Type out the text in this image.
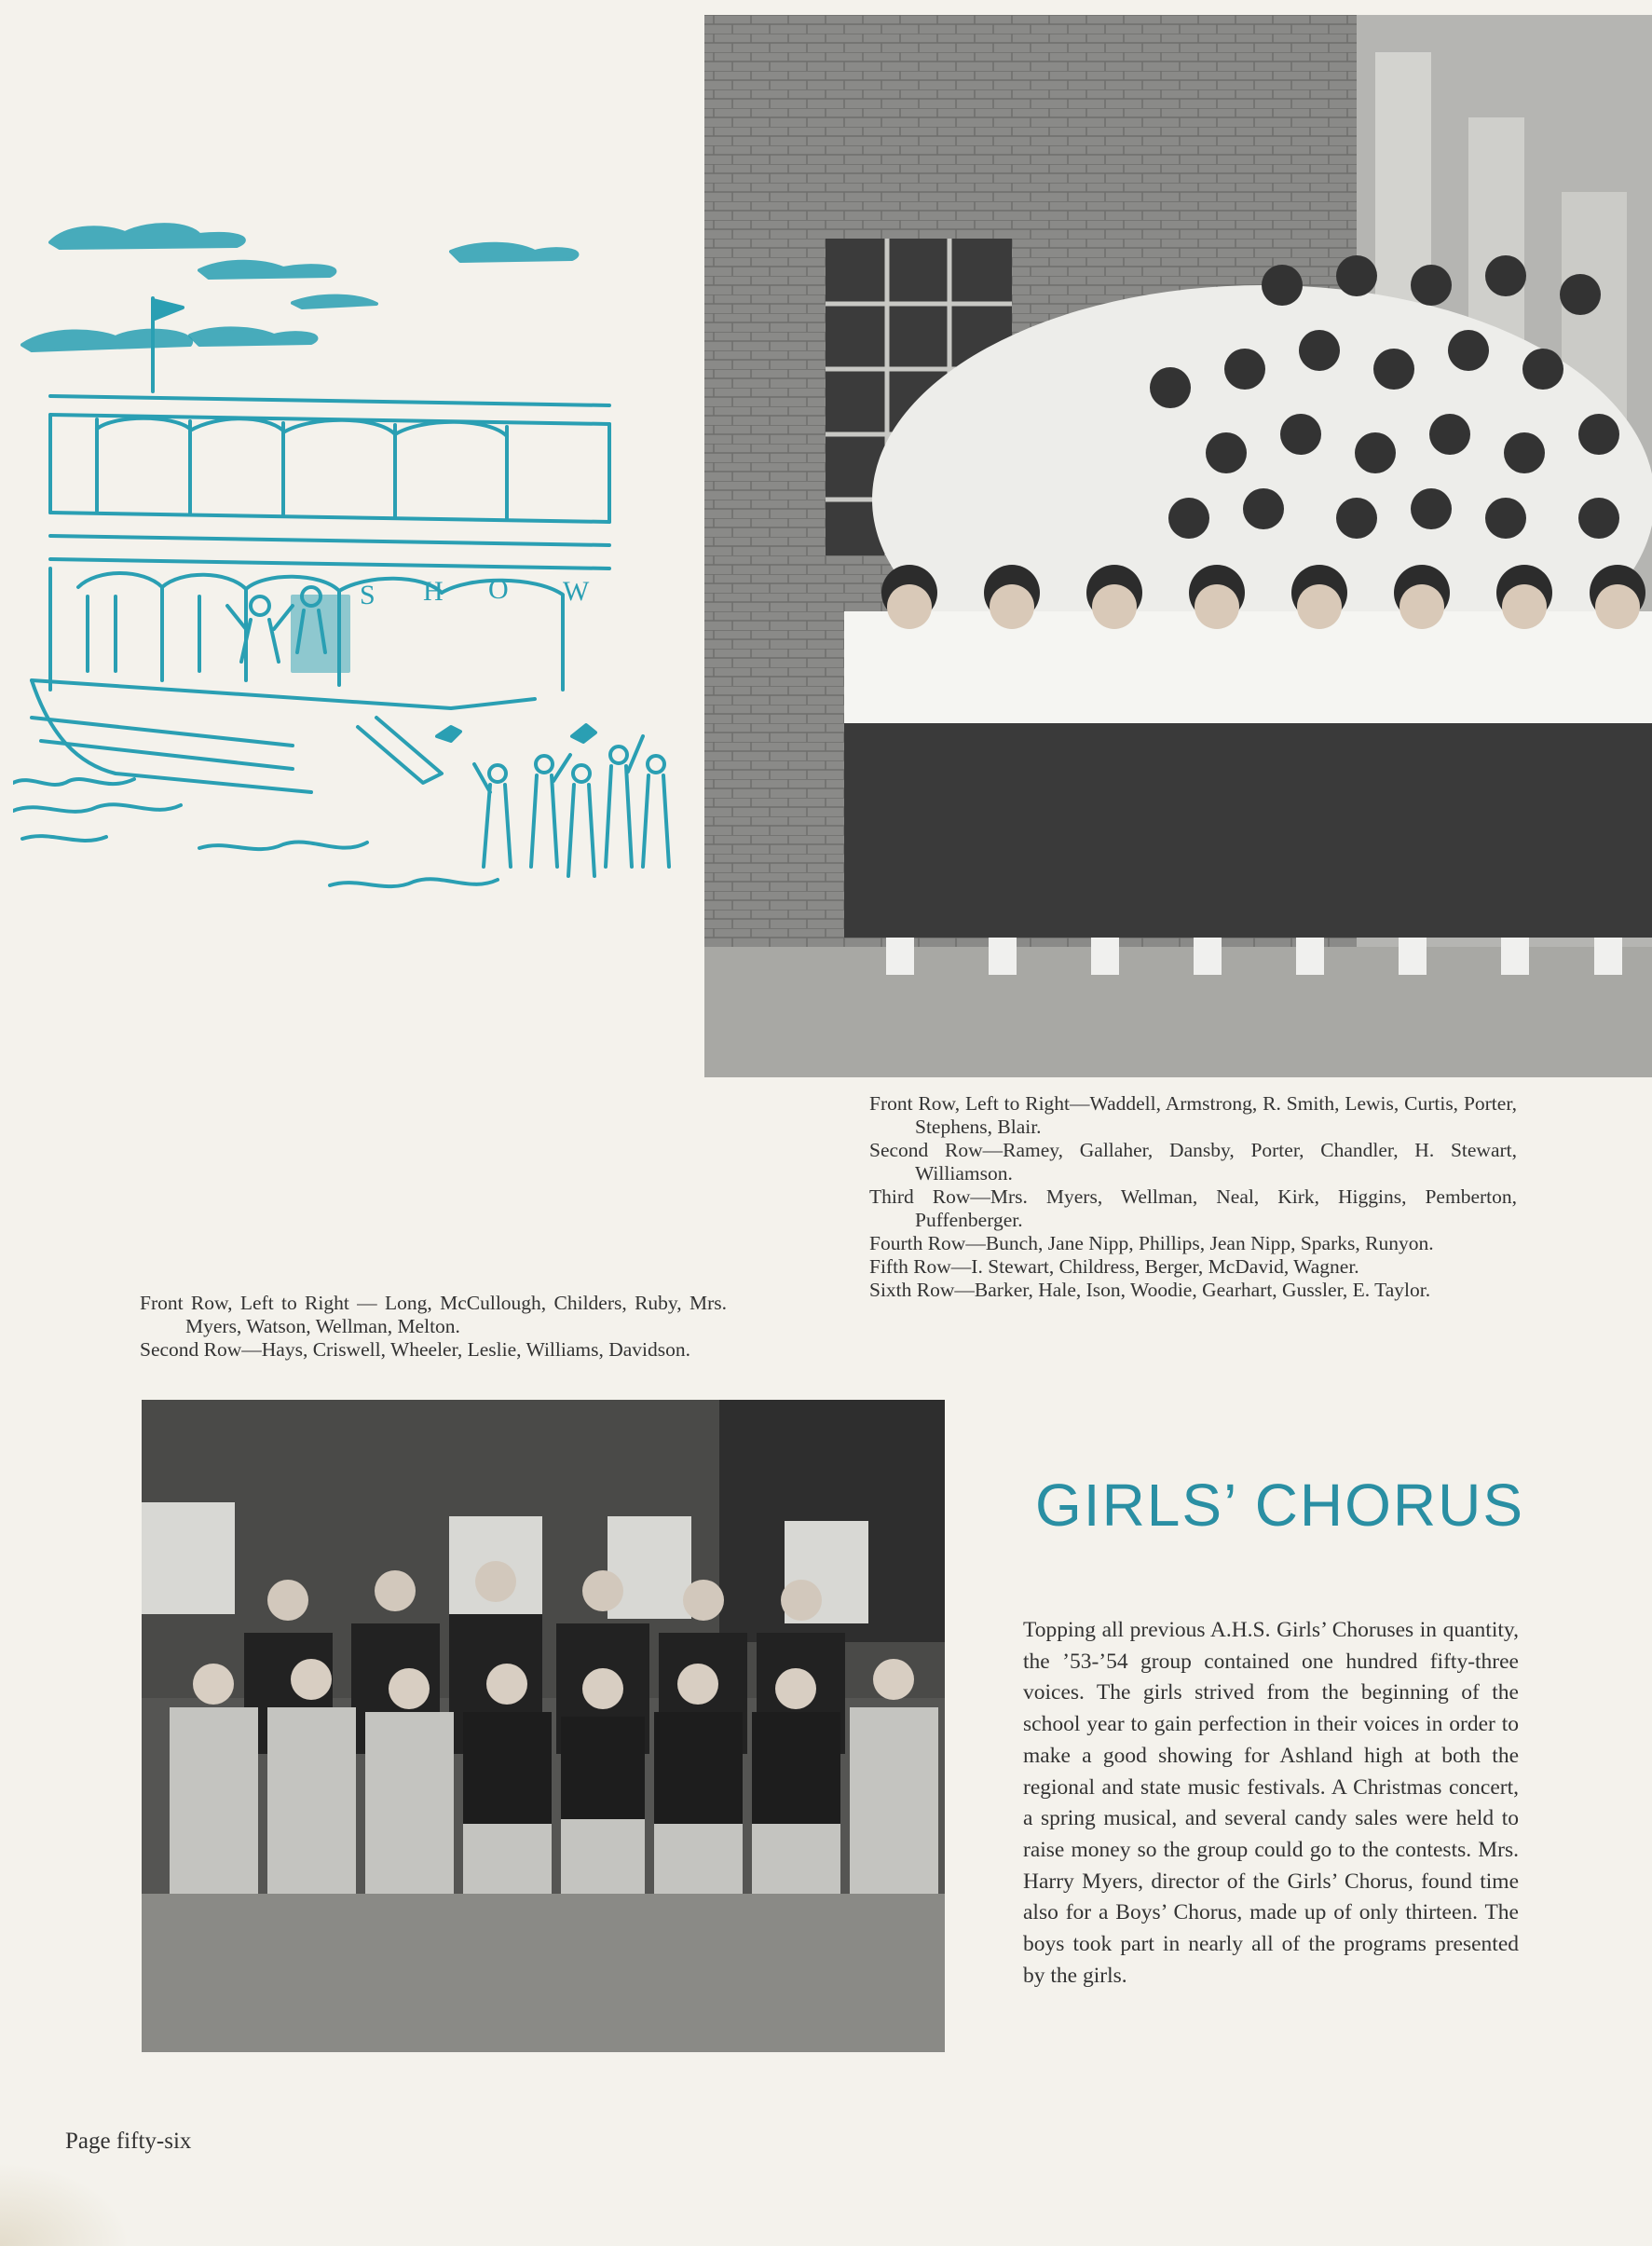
S H O W

Front Row, Left to Right—Waddell, Armstrong, R. Smith, Lewis, Curtis, Porter, Stephens, Blair.

Second Row—Ramey, Gallaher, Dansby, Porter, Chandler, H. Stewart, Williamson.

Third Row—Mrs. Myers, Wellman, Neal, Kirk, Higgins, Pemberton, Puffenberger.

Fourth Row—Bunch, Jane Nipp, Phillips, Jean Nipp, Sparks, Runyon.

Fifth Row—I. Stewart, Childress, Berger, McDavid, Wagner.

Sixth Row—Barker, Hale, Ison, Woodie, Gearhart, Gussler, E. Taylor.

Front Row, Left to Right — Long, McCullough, Childers, Ruby, Mrs. Myers, Watson, Wellman, Melton.

Second Row—Hays, Criswell, Wheeler, Leslie, Williams, Davidson.

GIRLS’ CHORUS

Topping all previous A.H.S. Girls’ Choruses in quantity, the ’53-’54 group contained one hundred fifty-three voices. The girls strived from the beginning of the school year to gain perfection in their voices in order to make a good showing for Ashland high at both the regional and state music festivals. A Christmas concert, a spring musical, and several candy sales were held to raise money so the group could go to the contests. Mrs. Harry Myers, director of the Girls’ Chorus, found time also for a Boys’ Chorus, made up of only thirteen. The boys took part in nearly all of the programs presented by the girls.

Page fifty-six
